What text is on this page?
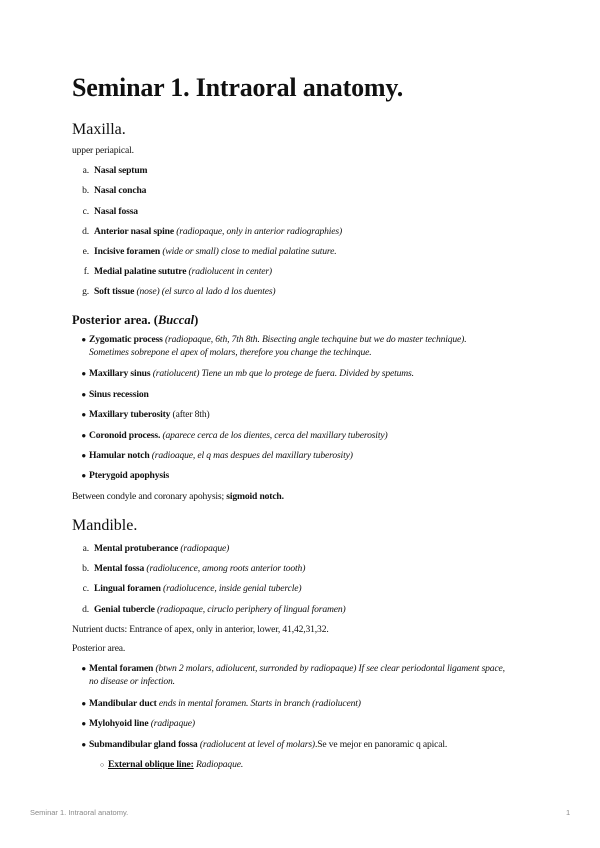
Seminar 1. Intraoral anatomy.
Maxilla.

upper periapical.

a. Nasal septum
b. Nasal concha
c. Nasal fossa
d. Anterior nasal spine (radiopaque, only in anterior radiographies)
e. Incisive foramen (wide or small) close to medial palatine suture.
f. Medial palatine sututre (radiolucent in center)
g. Soft tissue (nose) (el surco al lado d los duentes)
Posterior area. (Buccal)
● Zygomatic process (radiopaque, 6th, 7th 8th. Bisecting angle techquine but we do master technique).
Sometimes sobrepone el apex of molars, therefore you change the techinque.
● Maxillary sinus (ratiolucent) Tiene un mb que lo protege de fuera. Divided by spetums.
● Sinus recession
● Maxillary tuberosity (after 8th)
● Coronoid process. (aparece cerca de los dientes, cerca del maxillary tuberosity)
● Hamular notch (radioaque, el q mas despues del maxillary tuberosity)
● Pterygoid apophysis

Between condyle and coronary apohysis; sigmoid notch.

Mandible.
a. Mental protuberance (radiopaque)
b. Mental fossa (radiolucence, among roots anterior tooth)
c. Lingual foramen (radiolucence, inside genial tubercle)
d. Genial tubercle (radiopaque, ciruclo periphery of lingual foramen)

Nutrient ducts: Entrance of apex, only in anterior, lower, 41,42,31,32.

Posterior area.

● Mental foramen (btwn 2 molars, adiolucent, surronded by radiopaque) If see clear periodontal ligament space,
no disease or infection.
● Mandibular duct ends in mental foramen. Starts in branch (radiolucent)
● Mylohyoid line (radipaque)
● Submandibular gland fossa (radiolucent at level of molars).Se ve mejor en panoramic q apical.
○ External oblique line: Radiopaque.
Seminar 1. Intraoral anatomy.	1
